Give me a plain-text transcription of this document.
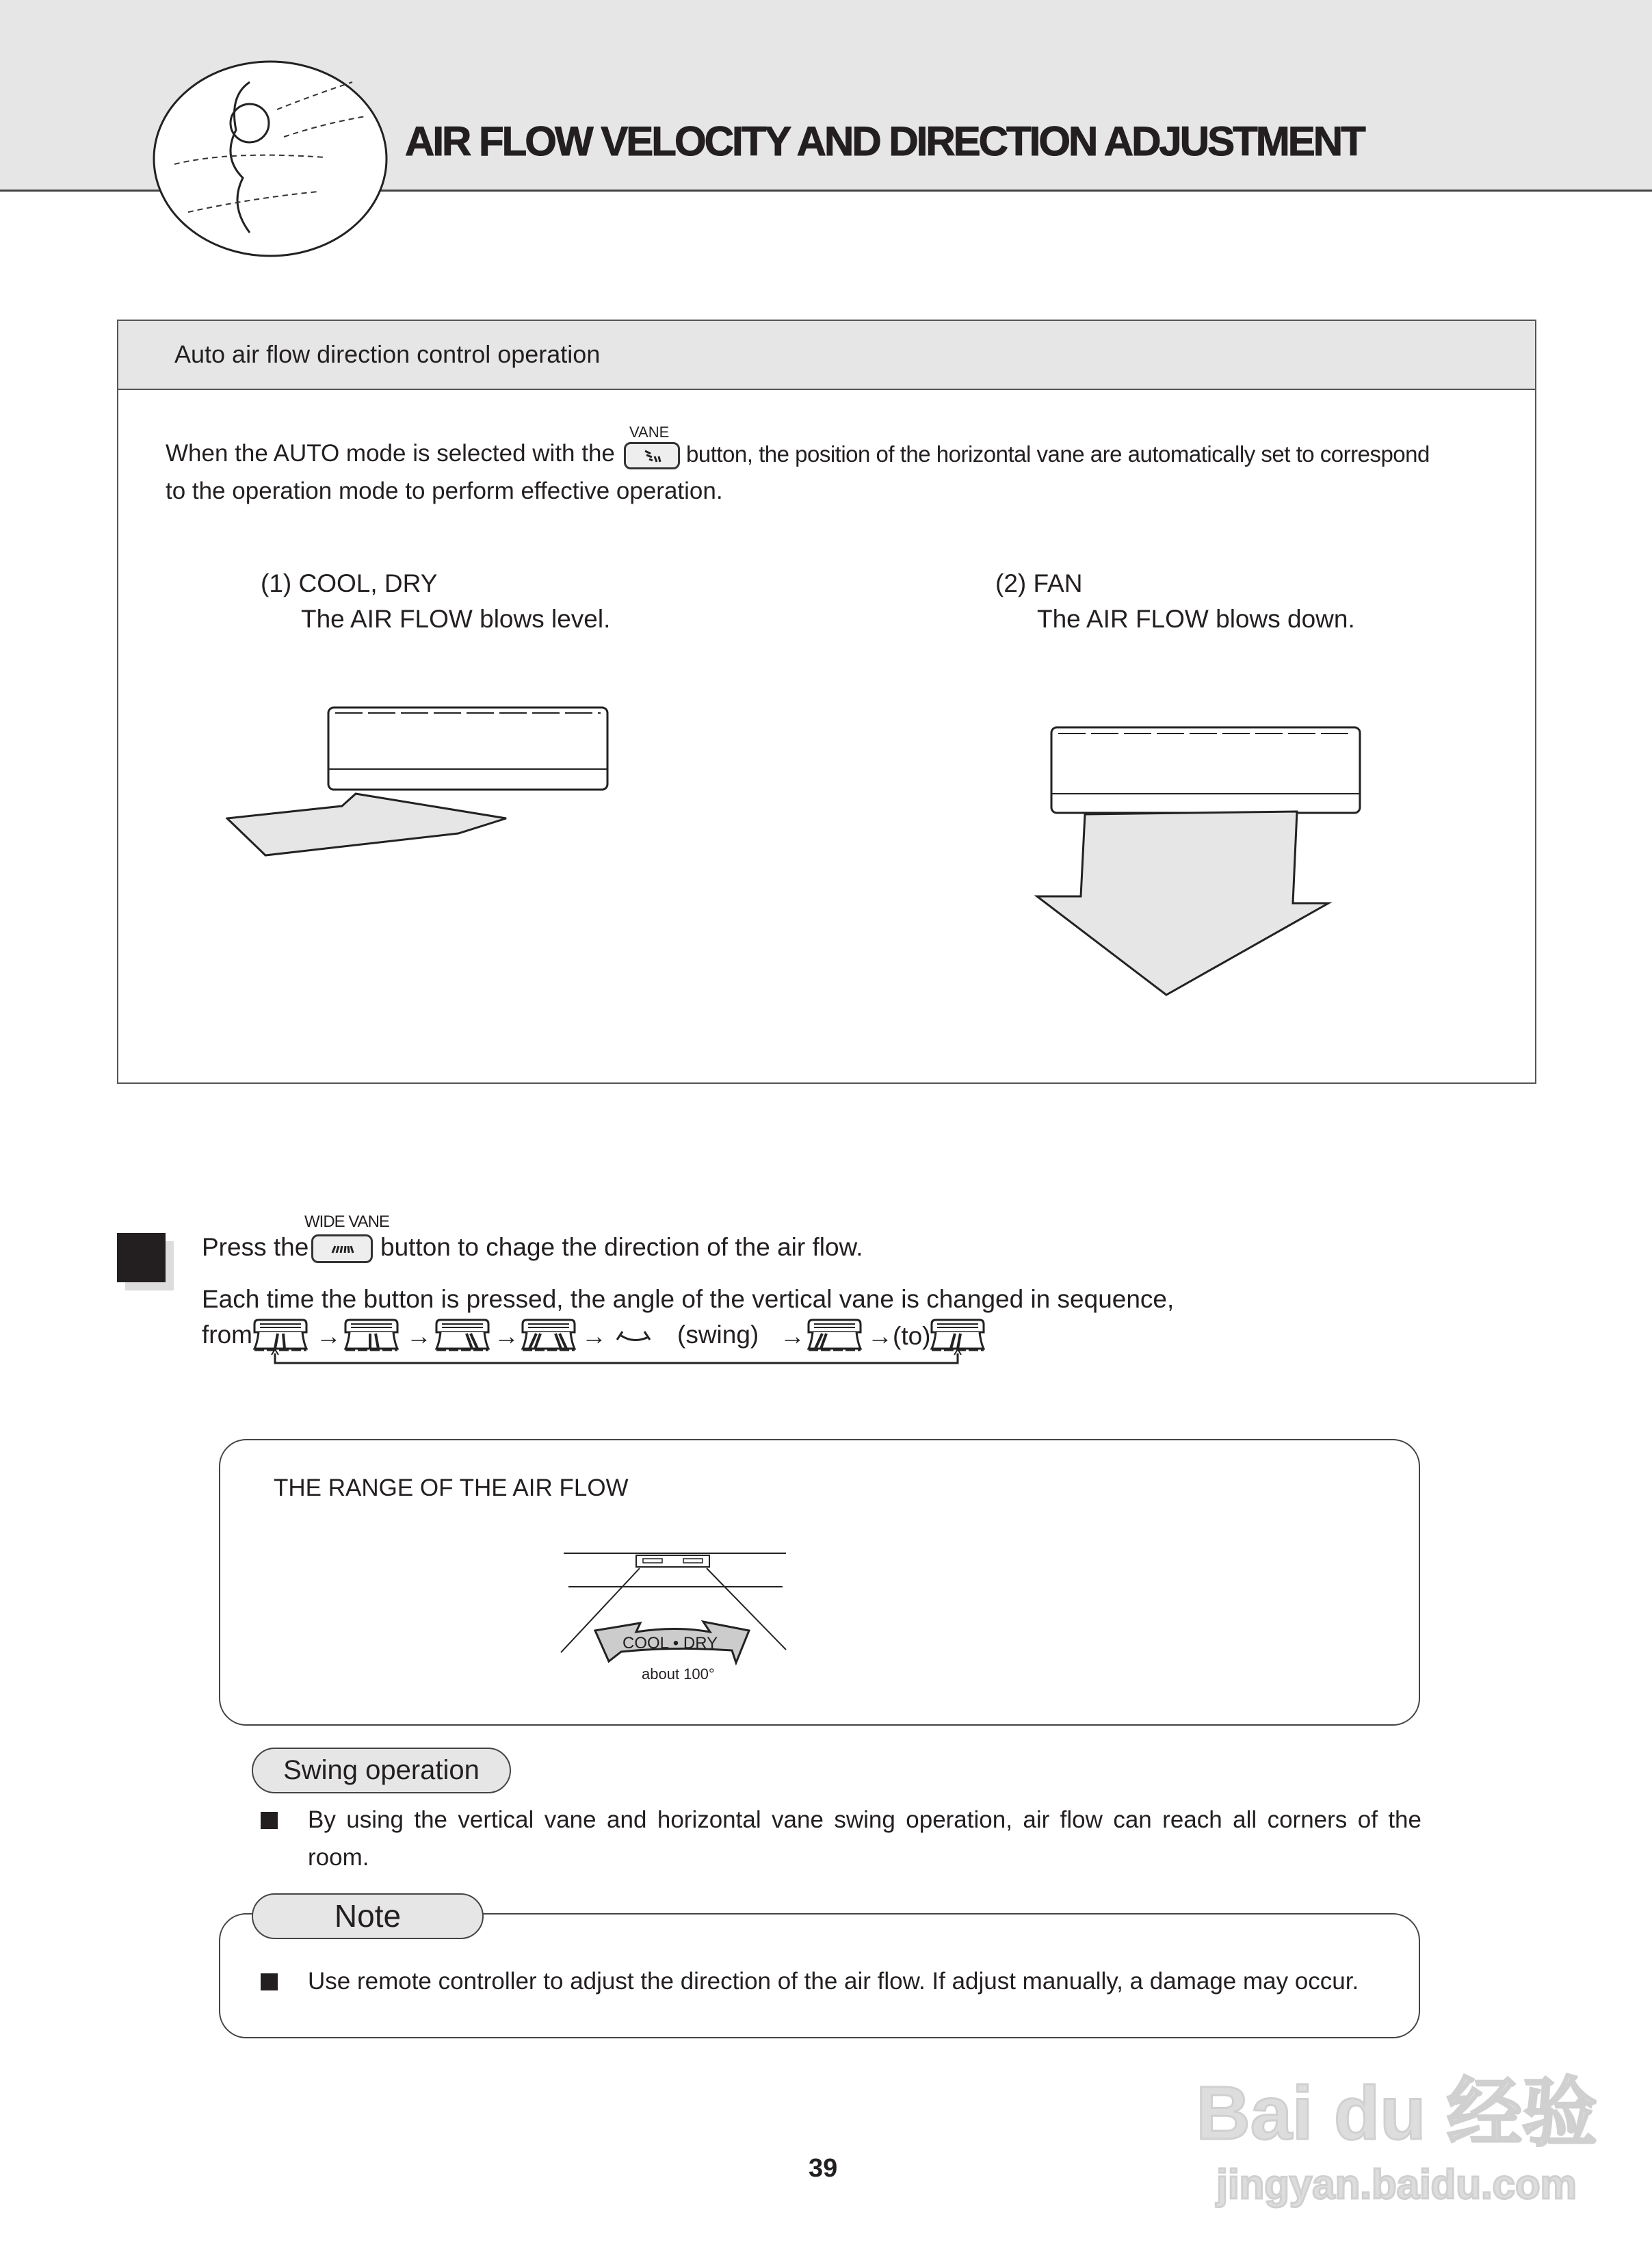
AIR FLOW VELOCITY AND DIRECTION ADJUSTMENT
Auto air flow direction control operation
When the AUTO mode is selected with the
VANE
button, the position of the horizontal vane are automatically set to correspond
to the operation mode to perform effective operation.
(1) COOL, DRY
The AIR FLOW blows level.
(2) FAN
The AIR FLOW blows down.
Press the
WIDE VANE
button to chage the direction of the air flow.
Each time the button is pressed, the angle of the vertical vane is changed in sequence,
from	→	→ → →	(swing) → →(to)
THE RANGE OF THE AIR FLOW
COOL • DRY
about 100°
Swing operation
By using the vertical vane and horizontal vane swing operation, air flow can reach all corners of the
room.
Note
Use remote controller to adjust the direction of the air flow. If adjust manually, a damage may occur.
39
Bai du 经验
jingyan.baidu.com
